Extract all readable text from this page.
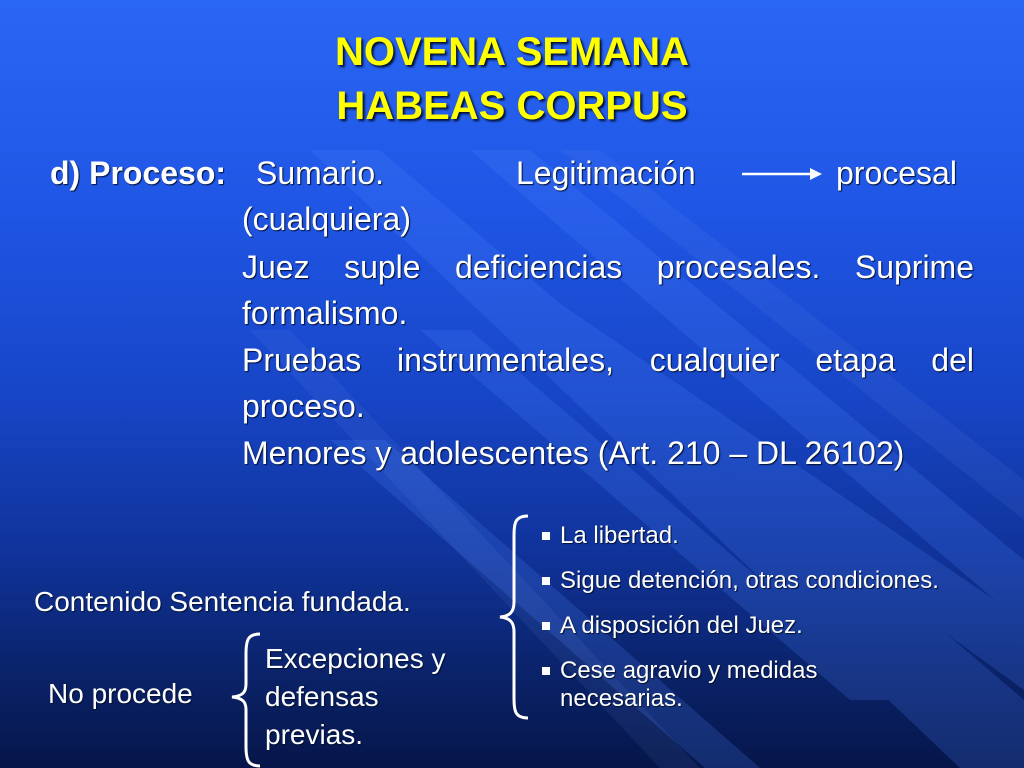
NOVENA SEMANA
HABEAS CORPUS
d) Proceso: Sumario.	Legitimación	procesal
(cualquiera)
Juez suple deficiencias procesales. Suprime formalismo.
Pruebas instrumentales, cualquier etapa del proceso.
Menores y adolescentes (Art. 210 – DL 26102)
La libertad.
Sigue detención, otras condiciones.
A disposición del Juez.
Cese agravio y medidas necesarias.
Contenido Sentencia fundada.
No procede
Excepciones y defensas previas.
